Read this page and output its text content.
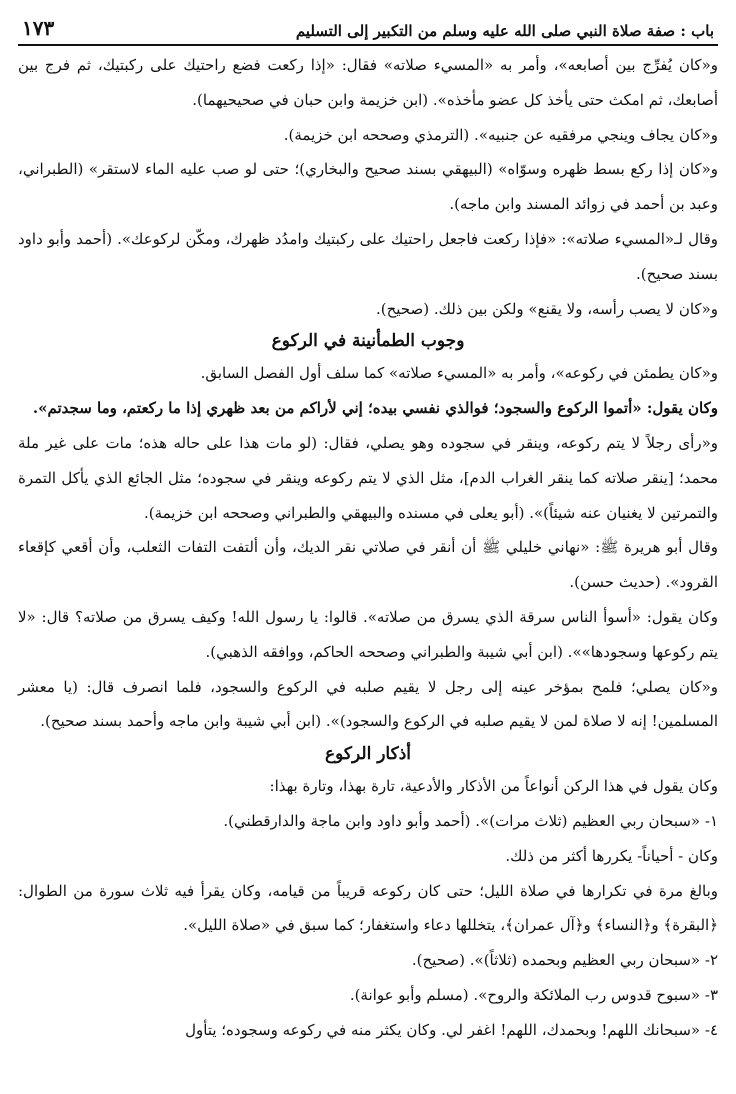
باب : صفة صلاة النبي صلى الله عليه وسلم من التكبير إلى التسليم
١٧٣

و«كان يُفرِّج بين أصابعه»، وأمر به «المسيء صلاته» فقال: «إذا ركعت فضع راحتيك على ركبتيك، ثم فرج بين أصابعك، ثم امكث حتى يأخذ كل عضو مأخذه». (ابن خزيمة وابن حبان في صحيحيهما).

و«كان يجاف وينجي مرفقيه عن جنبيه». (الترمذي وصححه ابن خزيمة).

و«كان إذا ركع بسط ظهره وسوّاه» (البيهقي بسند صحيح والبخاري)؛ حتى لو صب عليه الماء لاستقر» (الطبراني، وعبد بن أحمد في زوائد المسند وابن ماجه).

وقال لـ«المسيء صلاته»: «فإذا ركعت فاجعل راحتيك على ركبتيك وامدُد ظهرك، ومكّن لركوعك». (أحمد وأبو داود بسند صحيح).

و«كان لا يصب رأسه، ولا يقنع» ولكن بين ذلك. (صحيح).

وجوب الطمأنينة في الركوع

و«كان يطمئن في ركوعه»، وأمر به «المسيء صلاته» كما سلف أول الفصل السابق.

وكان يقول: «أتموا الركوع والسجود؛ فوالذي نفسي بيده؛ إني لأراكم من بعد ظهري إذا ما ركعتم، وما سجدتم».

و«رأى رجلاً لا يتم ركوعه، وينقر في سجوده وهو يصلي، فقال: (لو مات هذا على حاله هذه؛ مات على غير ملة محمد؛ [ينقر صلاته كما ينقر الغراب الدم]، مثل الذي لا يتم ركوعه وينقر في سجوده؛ مثل الجائع الذي يأكل التمرة والتمرتين لا يغنيان عنه شيئاً)». (أبو يعلى في مسنده والبيهقي والطبراني وصححه ابن خزيمة).

وقال أبو هريرة ﷺ: «نهاني خليلي ﷺ أن أنقر في صلاتي نقر الديك، وأن ألتفت التفات الثعلب، وأن أقعي كإقعاء القرود». (حديث حسن).

وكان يقول: «أسوأ الناس سرقة الذي يسرق من صلاته». قالوا: يا رسول الله! وكيف يسرق من صلاته؟ قال: «لا يتم ركوعها وسجودها»». (ابن أبي شيبة والطبراني وصححه الحاكم، ووافقه الذهبي).

و«كان يصلي؛ فلمح بمؤخر عينه إلى رجل لا يقيم صلبه في الركوع والسجود، فلما انصرف قال: (يا معشر المسلمين! إنه لا صلاة لمن لا يقيم صلبه في الركوع والسجود)». (ابن أبي شيبة وابن ماجه وأحمد بسند صحيح).

أذكار الركوع

وكان يقول في هذا الركن أنواعاً من الأذكار والأدعية، تارة بهذا، وتارة بهذا:

١- «سبحان ربي العظيم (ثلاث مرات)». (أحمد وأبو داود وابن ماجة والدارقطني).

وكان - أحياناً- يكررها أكثر من ذلك.

وبالغ مرة في تكرارها في صلاة الليل؛ حتى كان ركوعه قريباً من قيامه، وكان يقرأ فيه ثلاث سورة من الطوال: ﴿البقرة﴾ و﴿النساء﴾ و﴿آل عمران﴾، يتخللها دعاء واستغفار؛ كما سبق في «صلاة الليل».

٢- «سبحان ربي العظيم وبحمده (ثلاثاً)». (صحيح).

٣- «سبوح قدوس رب الملائكة والروح». (مسلم وأبو عوانة).

٤- «سبحانك اللهم! وبحمدك، اللهم! اغفر لي. وكان يكثر منه في ركوعه وسجوده؛ يتأول
